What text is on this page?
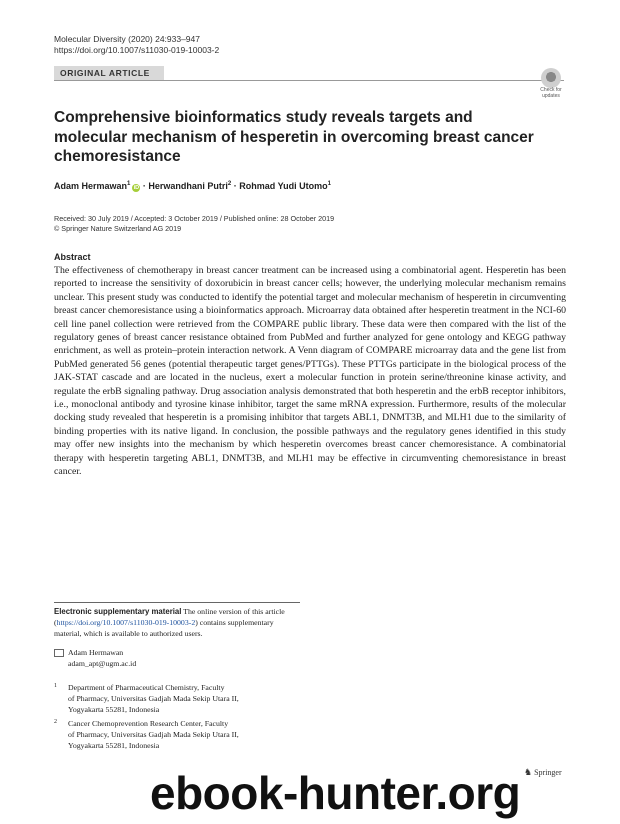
Molecular Diversity (2020) 24:933–947
https://doi.org/10.1007/s11030-019-10003-2
ORIGINAL ARTICLE
Check for updates
Comprehensive bioinformatics study reveals targets and molecular mechanism of hesperetin in overcoming breast cancer chemoresistance
Adam Hermawan$^1$iD · Herwandhani Putri$^2$ · Rohmad Yudi Utomo$^1$
Received: 30 July 2019 / Accepted: 3 October 2019 / Published online: 28 October 2019
© Springer Nature Switzerland AG 2019
Abstract

The effectiveness of chemotherapy in breast cancer treatment can be increased using a combinatorial agent. Hesperetin has been reported to increase the sensitivity of doxorubicin in breast cancer cells; however, the underlying molecular mechanism remains unclear. This present study was conducted to identify the potential target and molecular mechanism of hesperetin in circumventing breast cancer chemoresistance using a bioinformatics approach. Microarray data obtained after hesperetin treatment in the NCI-60 cell line panel collection were retrieved from the COMPARE public library. These data were then compared with the list of the regulatory genes of breast cancer resistance obtained from PubMed and further analyzed for gene ontology and KEGG pathway enrichment, as well as protein–protein interaction network. A Venn diagram of COMPARE microarray data and the gene list from PubMed generated 56 genes (potential therapeutic target genes/PTTGs). These PTTGs participate in the biological process of the JAK-STAT cascade and are located in the nucleus, exert a molecular function in protein serine/threonine kinase activity, and regulate the erbB signaling pathway. Drug association analysis demonstrated that both hesperetin and the erbB receptor inhibitors, i.e., monoclonal antibody and tyrosine kinase inhibitor, target the same mRNA expression. Furthermore, results of the molecular docking study revealed that hesperetin is a promising inhibitor that targets ABL1, DNMT3B, and MLH1 due to the similarity of binding properties with its native ligand. In conclusion, the possible pathways and the regulatory genes identified in this study may offer new insights into the mechanism by which hesperetin overcomes breast cancer chemoresistance. A combinatorial therapy with hesperetin targeting ABL1, DNMT3B, and MLH1 may be effective in circumventing chemoresistance in breast cancer.

Electronic supplementary material The online version of this article (https://doi.org/10.1007/s11030-019-10003-2) contains supplementary material, which is available to authorized users.
Adam Hermawan
adam_apt@ugm.ac.id
1 Department of Pharmaceutical Chemistry, Faculty
of Pharmacy, Universitas Gadjah Mada Sekip Utara II,
Yogyakarta 55281, Indonesia
2 Cancer Chemoprevention Research Center, Faculty
of Pharmacy, Universitas Gadjah Mada Sekip Utara II,
Yogyakarta 55281, Indonesia
♞ Springer
ebook-hunter.org
